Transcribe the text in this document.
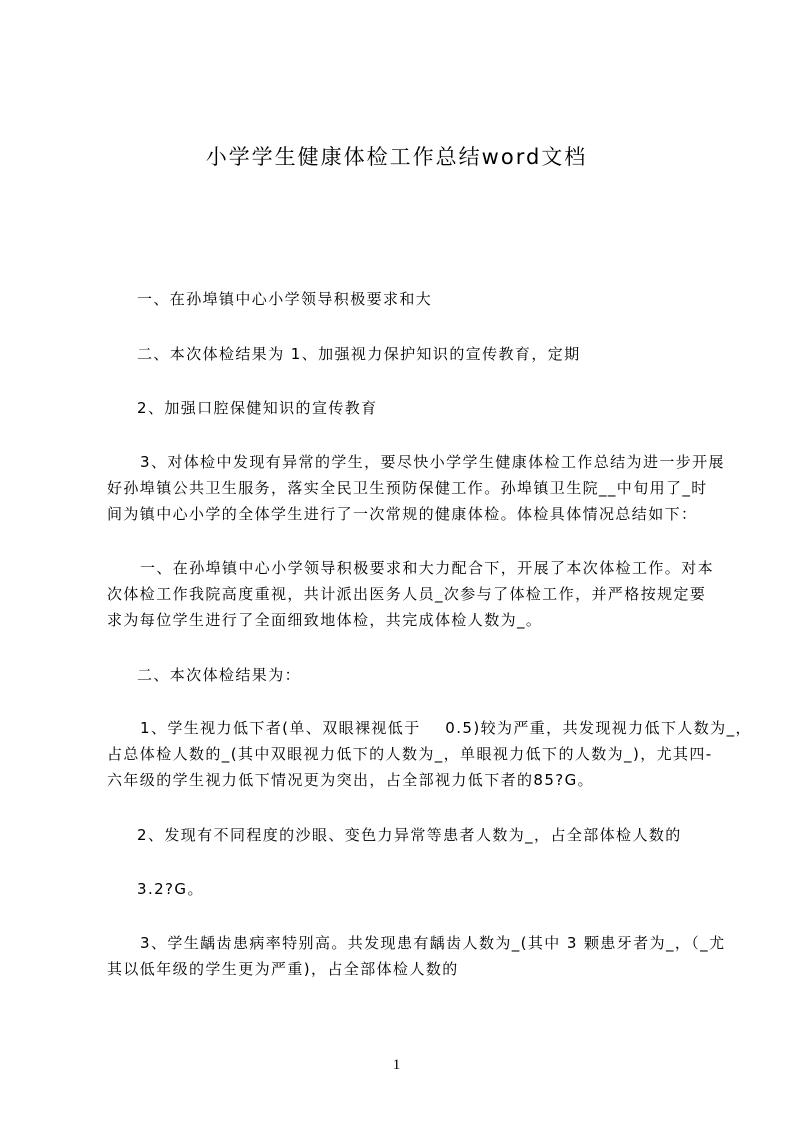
小学学生健康体检工作总结word文档
一、在孙埠镇中心小学领导积极要求和大
二、本次体检结果为 1、加强视力保护知识的宣传教育，定期
2、加强口腔保健知识的宣传教育
3、对体检中发现有异常的学生，要尽快小学学生健康体检工作总结为进一步开展
好孙埠镇公共卫生服务，落实全民卫生预防保健工作。孙埠镇卫生院__中旬用了_时
间为镇中心小学的全体学生进行了一次常规的健康体检。体检具体情况总结如下：
一、在孙埠镇中心小学领导积极要求和大力配合下，开展了本次体检工作。对本
次体检工作我院高度重视，共计派出医务人员_次参与了体检工作，并严格按规定要
求为每位学生进行了全面细致地体检，共完成体检人数为_。
二、本次体检结果为：
1、学生视力低下者(单、双眼裸视低于    0.5)较为严重，共发现视力低下人数为_，
占总体检人数的_(其中双眼视力低下的人数为_，单眼视力低下的人数为_)，尤其四-
六年级的学生视力低下情况更为突出，占全部视力低下者的85?G。
2、发现有不同程度的沙眼、变色力异常等患者人数为_，占全部体检人数的
3.2?G。
3、学生龋齿患病率特别高。共发现患有龋齿人数为_(其中 3 颗患牙者为_，（_尤
其以低年级的学生更为严重)，占全部体检人数的
1
